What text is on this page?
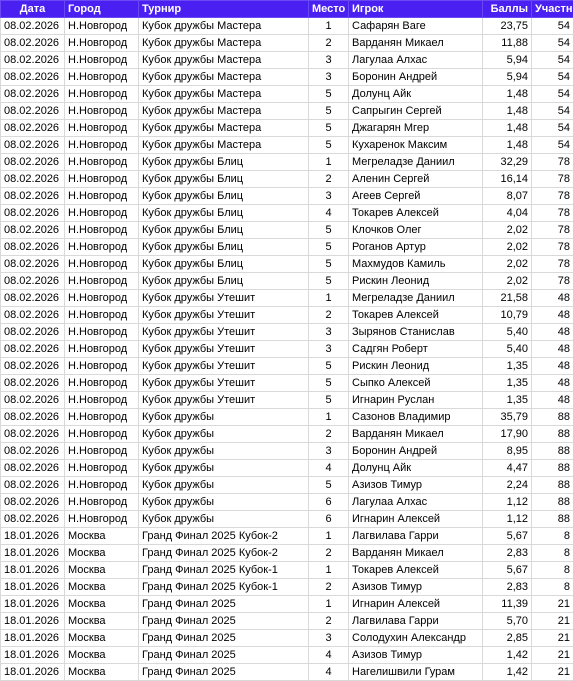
Дата	Город	Турнир	Место	Игрок	Баллы	Участн
08.02.2026	Н.Новгород	Кубок дружбы Мастера	1	Сафарян Ваге	23,75	54
08.02.2026	Н.Новгород	Кубок дружбы Мастера	2	Варданян Микаел	11,88	54
08.02.2026	Н.Новгород	Кубок дружбы Мастера	3	Лагулаа Алхас	5,94	54
08.02.2026	Н.Новгород	Кубок дружбы Мастера	3	Боронин Андрей	5,94	54
08.02.2026	Н.Новгород	Кубок дружбы Мастера	5	Долунц Айк	1,48	54
08.02.2026	Н.Новгород	Кубок дружбы Мастера	5	Сапрыгин Сергей	1,48	54
08.02.2026	Н.Новгород	Кубок дружбы Мастера	5	Джагарян Мгер	1,48	54
08.02.2026	Н.Новгород	Кубок дружбы Мастера	5	Кухаренок Максим	1,48	54
08.02.2026	Н.Новгород	Кубок дружбы Блиц	1	Мегреладзе Даниил	32,29	78
08.02.2026	Н.Новгород	Кубок дружбы Блиц	2	Аленин Сергей	16,14	78
08.02.2026	Н.Новгород	Кубок дружбы Блиц	3	Агеев Сергей	8,07	78
08.02.2026	Н.Новгород	Кубок дружбы Блиц	4	Токарев Алексей	4,04	78
08.02.2026	Н.Новгород	Кубок дружбы Блиц	5	Клочков Олег	2,02	78
08.02.2026	Н.Новгород	Кубок дружбы Блиц	5	Роганов Артур	2,02	78
08.02.2026	Н.Новгород	Кубок дружбы Блиц	5	Махмудов Камиль	2,02	78
08.02.2026	Н.Новгород	Кубок дружбы Блиц	5	Рискин Леонид	2,02	78
08.02.2026	Н.Новгород	Кубок дружбы Утешит	1	Мегреладзе Даниил	21,58	48
08.02.2026	Н.Новгород	Кубок дружбы Утешит	2	Токарев Алексей	10,79	48
08.02.2026	Н.Новгород	Кубок дружбы Утешит	3	Зырянов Станислав	5,40	48
08.02.2026	Н.Новгород	Кубок дружбы Утешит	3	Садгян Роберт	5,40	48
08.02.2026	Н.Новгород	Кубок дружбы Утешит	5	Рискин Леонид	1,35	48
08.02.2026	Н.Новгород	Кубок дружбы Утешит	5	Сыпко Алексей	1,35	48
08.02.2026	Н.Новгород	Кубок дружбы Утешит	5	Игнарин Руслан	1,35	48
08.02.2026	Н.Новгород	Кубок дружбы	1	Сазонов Владимир	35,79	88
08.02.2026	Н.Новгород	Кубок дружбы	2	Варданян Микаел	17,90	88
08.02.2026	Н.Новгород	Кубок дружбы	3	Боронин Андрей	8,95	88
08.02.2026	Н.Новгород	Кубок дружбы	4	Долунц Айк	4,47	88
08.02.2026	Н.Новгород	Кубок дружбы	5	Азизов Тимур	2,24	88
08.02.2026	Н.Новгород	Кубок дружбы	6	Лагулаа Алхас	1,12	88
08.02.2026	Н.Новгород	Кубок дружбы	6	Игнарин Алексей	1,12	88
18.01.2026	Москва	Гранд Финал 2025 Кубок-2	1	Лагвилава Гарри	5,67	8
18.01.2026	Москва	Гранд Финал 2025 Кубок-2	2	Варданян Микаел	2,83	8
18.01.2026	Москва	Гранд Финал 2025 Кубок-1	1	Токарев Алексей	5,67	8
18.01.2026	Москва	Гранд Финал 2025 Кубок-1	2	Азизов Тимур	2,83	8
18.01.2026	Москва	Гранд Финал 2025	1	Игнарин Алексей	11,39	21
18.01.2026	Москва	Гранд Финал 2025	2	Лагвилава Гарри	5,70	21
18.01.2026	Москва	Гранд Финал 2025	3	Солодухин Александр	2,85	21
18.01.2026	Москва	Гранд Финал 2025	4	Азизов Тимур	1,42	21
18.01.2026	Москва	Гранд Финал 2025	4	Нагелишвили Гурам	1,42	21
